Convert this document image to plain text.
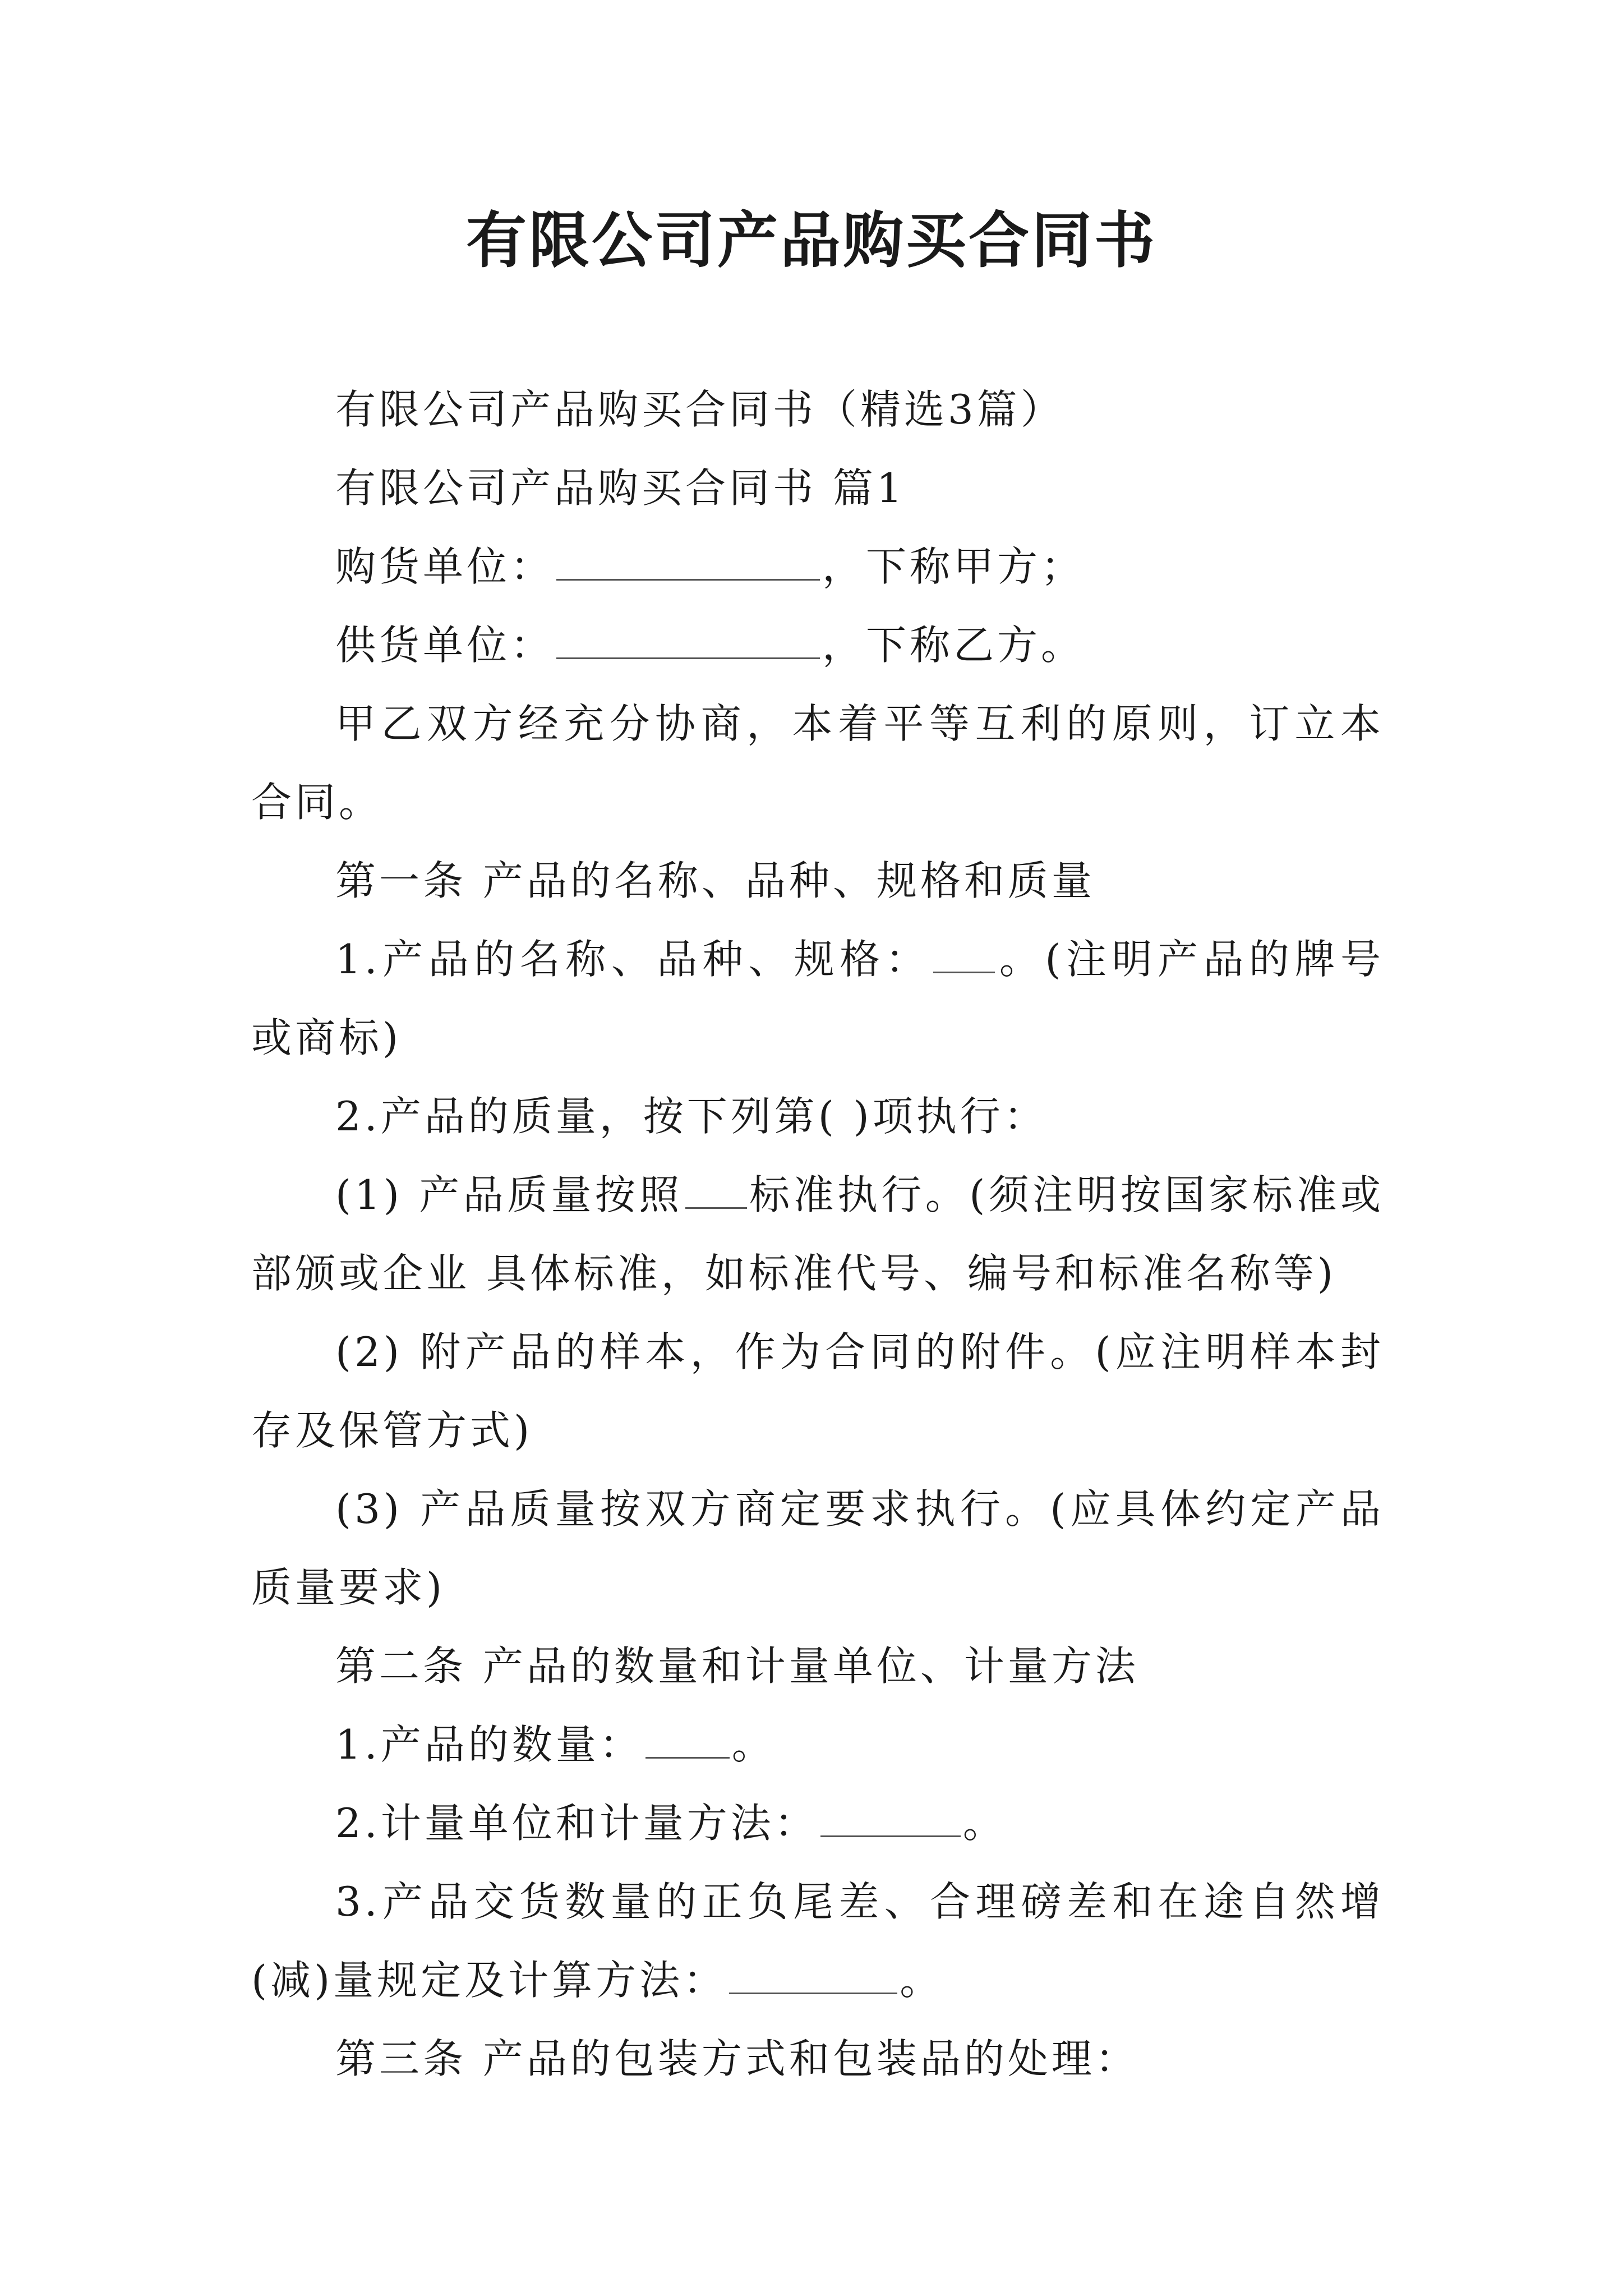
有限公司产品购买合同书

有限公司产品购买合同书（精选3篇）

有限公司产品购买合同书 篇1

购货单位：	，下称甲方；

供货单位：	，下称乙方。

甲乙双方经充分协商，本着平等互利的原则，订立本合同。

第一条 产品的名称、品种、规格和质量

1.产品的名称、品种、规格： 。(注明产品的牌号或商标)

2.产品的质量，按下列第( )项执行：

(1) 产品质量按照 标准执行。(须注明按国家标准或部颁或企业 具体标准，如标准代号、编号和标准名称等)

(2) 附产品的样本，作为合同的附件。(应注明样本封存及保管方式)

(3) 产品质量按双方商定要求执行。(应具体约定产品质量要求)

第二条 产品的数量和计量单位、计量方法

1.产品的数量： 。

2.计量单位和计量方法：	。

3.产品交货数量的正负尾差、合理磅差和在途自然增(减)量规定及计算方法：	。

第三条 产品的包装方式和包装品的处理：
